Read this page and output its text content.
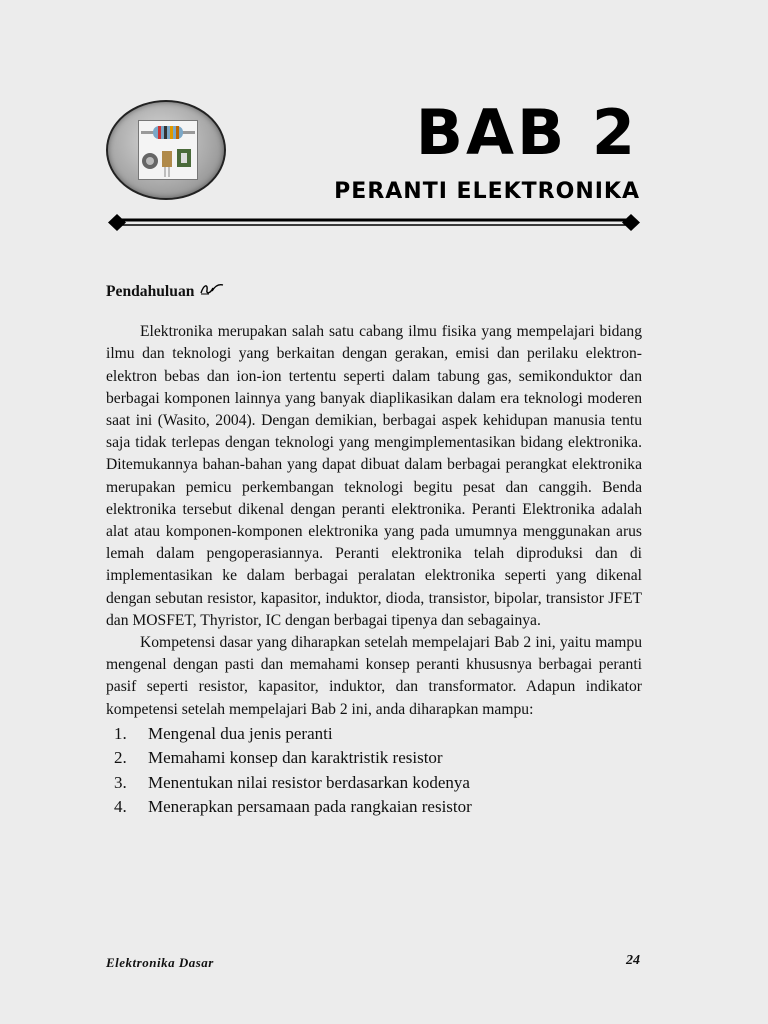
BAB 2
PERANTI ELEKTRONIKA
Pendahuluan

Elektronika merupakan salah satu cabang ilmu fisika yang mempelajari bidang ilmu dan teknologi yang berkaitan dengan gerakan, emisi dan perilaku elektron-elektron bebas dan ion-ion tertentu seperti dalam tabung gas, semikonduktor dan berbagai komponen lainnya yang banyak diaplikasikan dalam era teknologi moderen saat ini (Wasito, 2004). Dengan demikian, berbagai aspek kehidupan manusia tentu saja tidak terlepas dengan teknologi yang mengimplementasikan bidang elektronika. Ditemukannya bahan-bahan yang dapat dibuat dalam berbagai perangkat elektronika merupakan pemicu perkembangan teknologi begitu pesat dan canggih. Benda elektronika tersebut dikenal dengan peranti elektronika. Peranti Elektronika adalah alat atau komponen-komponen elektronika yang pada umumnya menggunakan arus lemah dalam pengoperasiannya. Peranti elektronika telah diproduksi dan di implementasikan ke dalam berbagai peralatan elektronika seperti yang dikenal dengan sebutan resistor, kapasitor, induktor, dioda, transistor, bipolar, transistor JFET dan MOSFET, Thyristor, IC dengan berbagai tipenya dan sebagainya.

Kompetensi dasar yang diharapkan setelah mempelajari Bab 2 ini, yaitu mampu mengenal dengan pasti dan memahami konsep peranti khususnya berbagai peranti pasif seperti resistor, kapasitor, induktor, dan transformator. Adapun indikator kompetensi setelah mempelajari Bab 2 ini, anda diharapkan mampu:

1.	Mengenal dua jenis peranti
2.	Memahami konsep dan karaktristik resistor
3.	Menentukan nilai resistor berdasarkan kodenya
4.	Menerapkan persamaan pada rangkaian resistor
Elektronika Dasar	24
